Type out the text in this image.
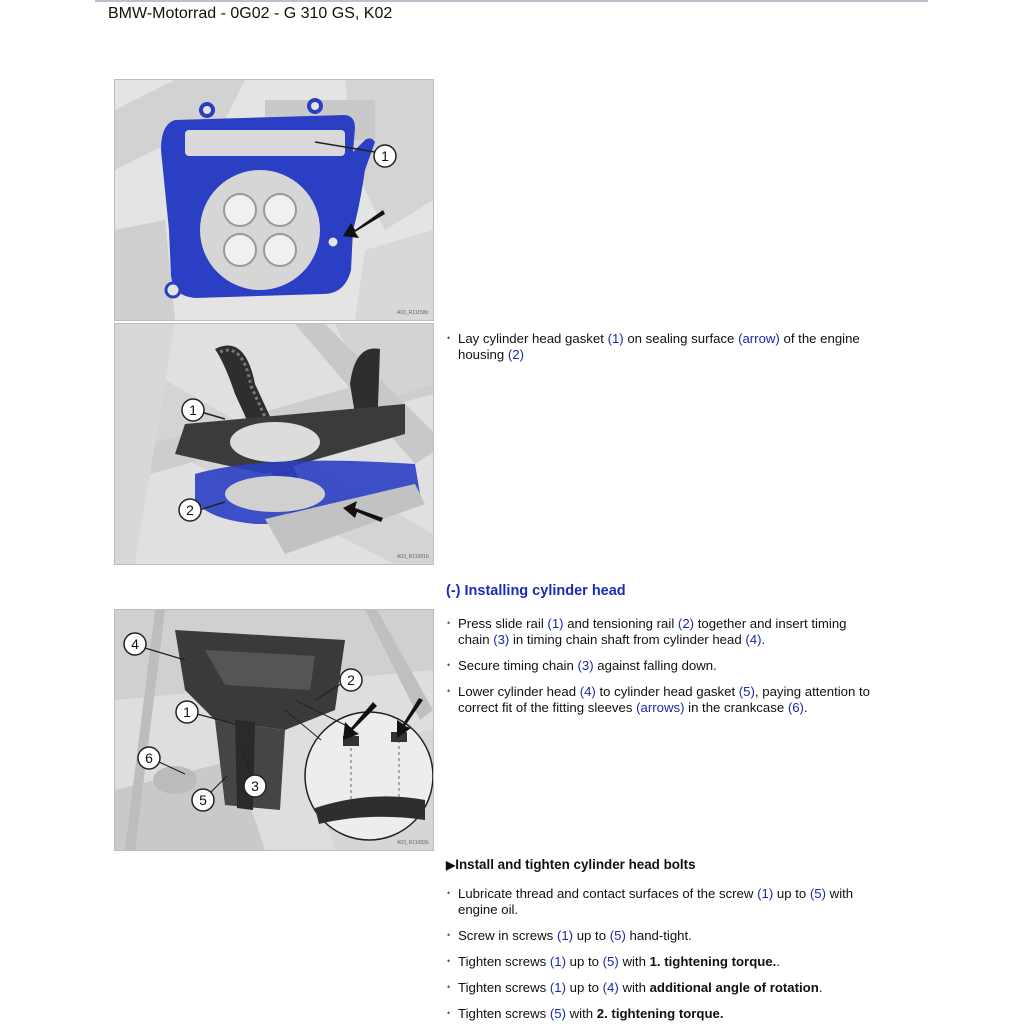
BMW-Motorrad - 0G02 - G 310 GS, K02
1
A03_R11158b
1
2
A03_R11081b
4
2
1
6
5
3
A03_R11082b
• Lay cylinder head gasket (1) on sealing surface (arrow) of the engine
housing (2)
(-) Installing cylinder head
• Press slide rail (1) and tensioning rail (2) together and insert timing
chain (3) in timing chain shaft from cylinder head (4).
• Secure timing chain (3) against falling down.
• Lower cylinder head (4) to cylinder head gasket (5), paying attention to
correct fit of the fitting sleeves (arrows) in the crankcase (6).
▶Install and tighten cylinder head bolts
• Lubricate thread and contact surfaces of the screw (1) up to (5) with
engine oil.
• Screw in screws (1) up to (5) hand-tight.
• Tighten screws (1) up to (5) with 1. tightening torque..
• Tighten screws (1) up to (4) with additional angle of rotation.
• Tighten screws (5) with 2. tightening torque.
